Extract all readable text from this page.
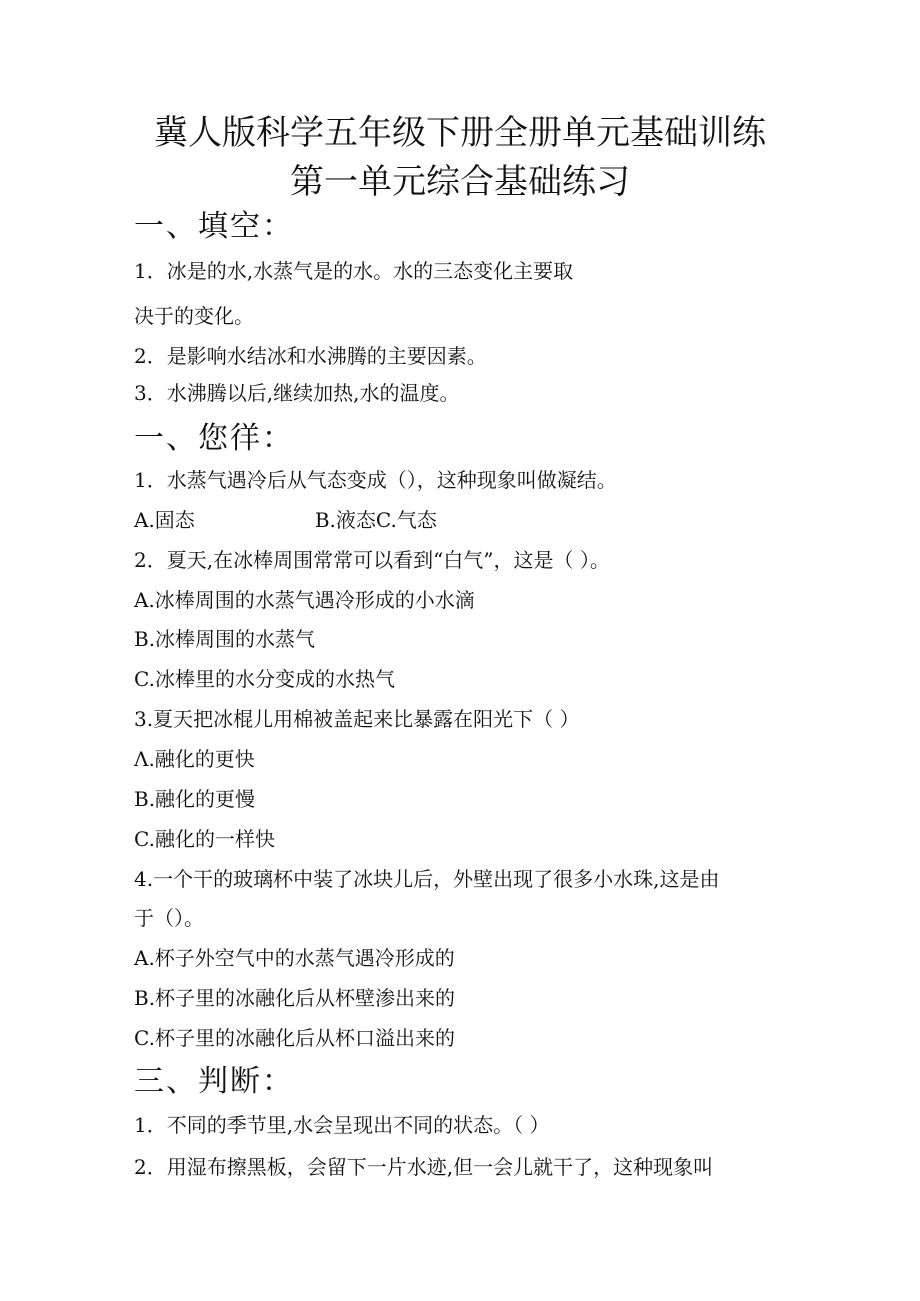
冀人版科学五年级下册全册单元基础训练
第一单元综合基础练习
一、填空：
1．冰是的水,水蒸气是的水。水的三态变化主要取
决于的变化。
2．是影响水结冰和水沸腾的主要因素。
3．水沸腾以后,继续加热,水的温度。
一、您徉：
1．水蒸气遇冷后从气态变成（），这种现象叫做凝结。
A.固态	B.液态C.气态
2．夏天,在冰棒周围常常可以看到“白气”，这是（ ）。
A.冰棒周围的水蒸气遇冷形成的小水滴
B.冰棒周围的水蒸气
C.冰棒里的水分变成的水热气
3.夏天把冰棍儿用棉被盖起来比暴露在阳光下（ ）
Λ.融化的更快
B.融化的更慢
C.融化的一样快
4.一个干的玻璃杯中装了冰块儿后，外壁出现了很多小水珠,这是由
于（）。
A.杯子外空气中的水蒸气遇冷形成的
B.杯子里的冰融化后从杯壁渗出来的
C.杯子里的冰融化后从杯口溢出来的
三、判断：
1．不同的季节里,水会呈现出不同的状态。（ ）
2．用湿布擦黑板，会留下一片水迹,但一会儿就干了，这种现象叫
